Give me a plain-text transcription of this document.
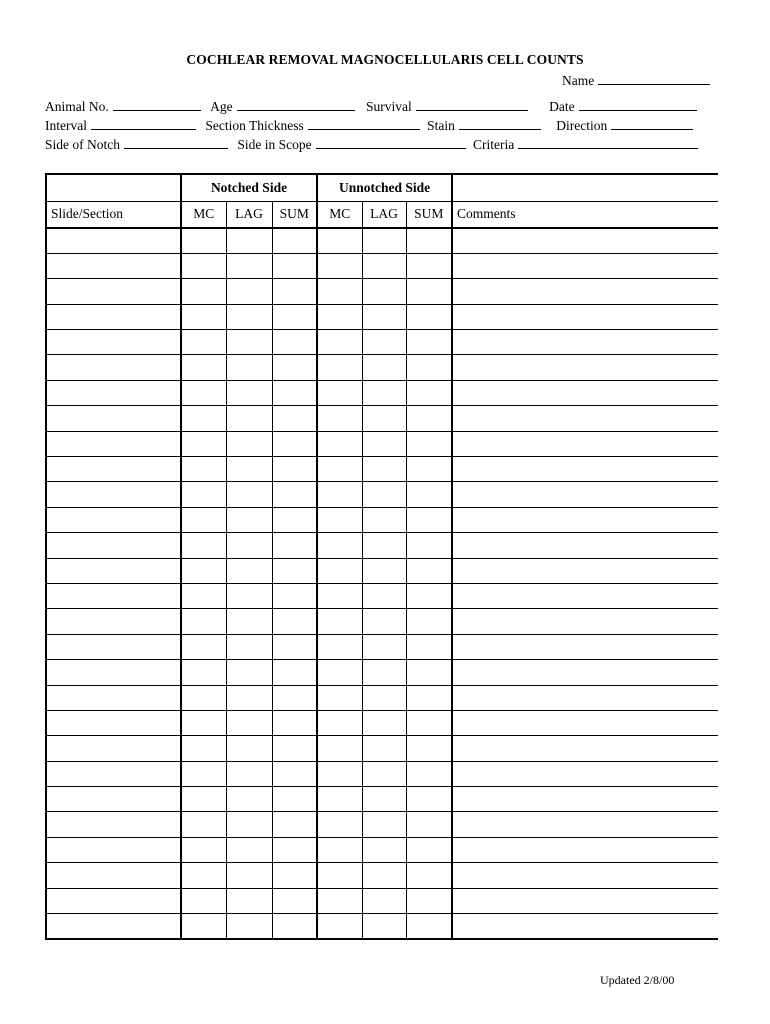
COCHLEAR REMOVAL MAGNOCELLULARIS CELL COUNTS
Name
Animal No.	Age	Survival	Date
Interval	Section Thickness	Stain	Direction
Side of Notch	Side in Scope	Criteria
	Notched Side			Unnotched Side			
Slide/Section	MC	LAG	SUM	MC	LAG	SUM	Comments

Updated 2/8/00
